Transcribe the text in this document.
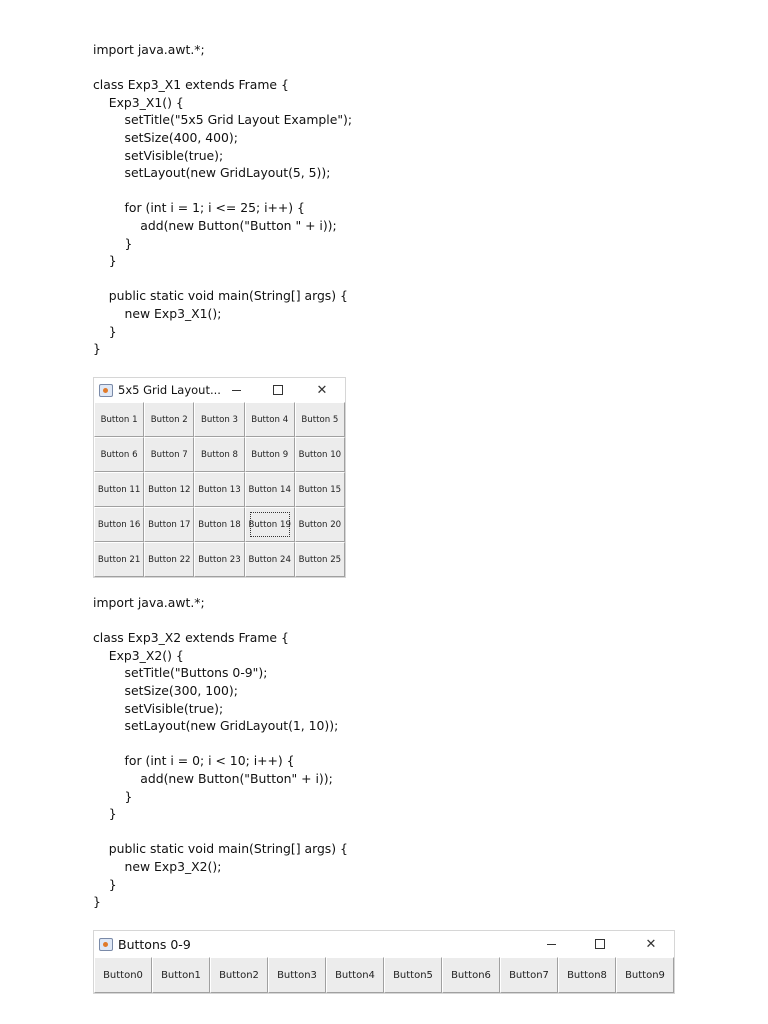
import java.awt.*;
class Exp3_X1 extends Frame {
Exp3_X1() {
setTitle("5x5 Grid Layout Example");
setSize(400, 400);
setVisible(true);
setLayout(new GridLayout(5, 5));
for (int i = 1; i <= 25; i++) {
add(new Button("Button " + i));
}
}
public static void main(String[] args) {
new Exp3_X1();
}
}
5x5 Grid Layout...	✕
Button 1	Button 2	Button 3	Button 4	Button 5
Button 6	Button 7	Button 8	Button 9	Button 10
Button 11 Button 12 Button 13 Button 14 Button 15
Button 16 Button 17 Button 18 Button 19 Button 20
Button 21 Button 22 Button 23 Button 24 Button 25
import java.awt.*;
class Exp3_X2 extends Frame {
Exp3_X2() {
setTitle("Buttons 0-9");
setSize(300, 100);
setVisible(true);
setLayout(new GridLayout(1, 10));
for (int i = 0; i < 10; i++) {
add(new Button("Button" + i));
}
}
public static void main(String[] args) {
new Exp3_X2();
}
}
Buttons 0-9	✕
Button0	Button1	Button2	Button3	Button4	Button5	Button6	Button7	Button8	Button9
